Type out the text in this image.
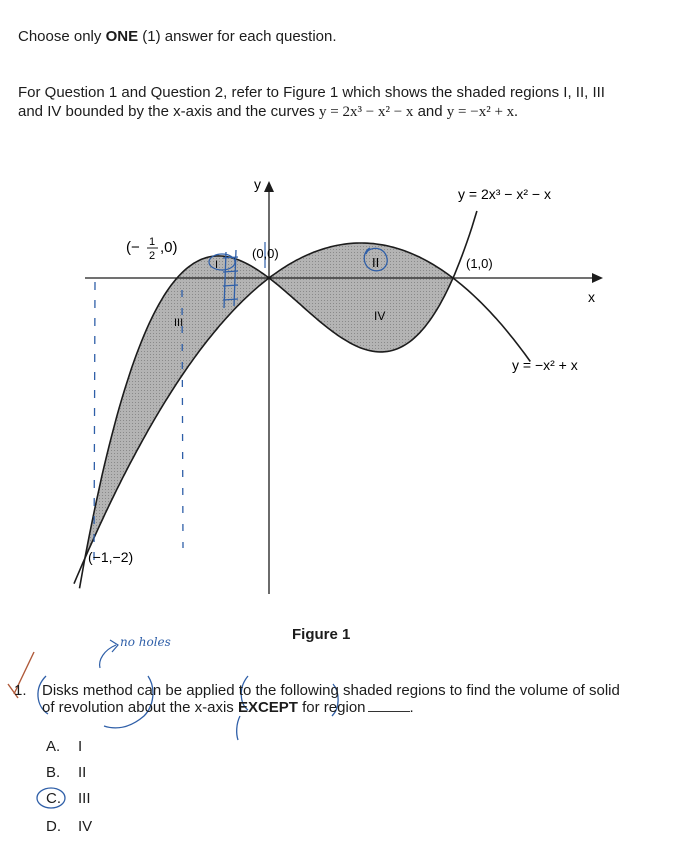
Choose only ONE (1) answer for each question.
For Question 1 and Question 2, refer to Figure 1 which shows the shaded regions I, II, III
and IV bounded by the x-axis and the curves y = 2x³ − x² − x and y = −x² + x.
y
x
y = 2x³ − x² − x
y = −x² + x
(0,0)
(1,0)
(−1,−2)
(− 1
2 ,0)
II
III
I
IV
no holes	Figure 1
1. Disks method can be applied to the following shaded regions to find the volume of solid
of revolution about the x-axis EXCEPT for region	.
A. I
B. II
C. III
D. IV
